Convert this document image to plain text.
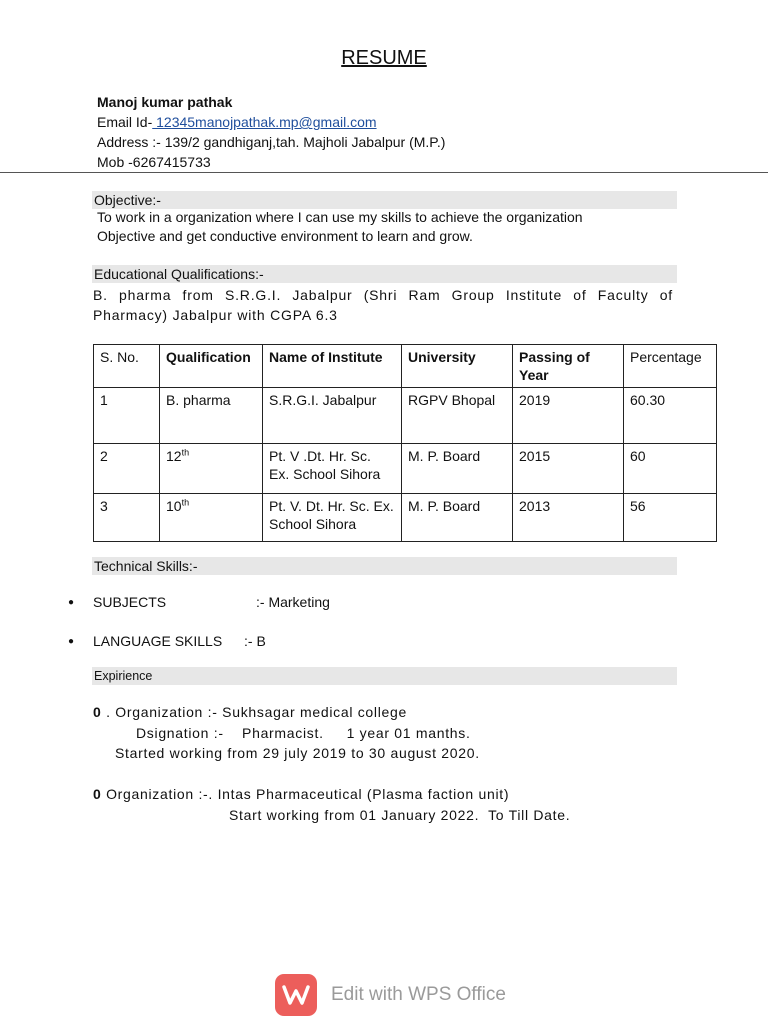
RESUME
Manoj kumar pathak
Email Id- 12345manojpathak.mp@gmail.com
Address :- 139/2 gandhiganj,tah. Majholi Jabalpur (M.P.)
Mob -6267415733
Objective:-
To work in a organization where I can use my skills to achieve the organization
Objective and get conductive environment to learn and grow.
Educational Qualifications:-
B. pharma from S.R.G.I. Jabalpur (Shri Ram Group Institute of Faculty of Pharmacy) Jabalpur with CGPA 6.3
S. No.	Qualification	Name of Institute	University	Passing of Year	Percentage
1	B. pharma	S.R.G.I. Jabalpur	RGPV Bhopal	2019	60.30
2	12th	Pt. V .Dt. Hr. Sc. Ex. School Sihora	M. P. Board	2015	60
3	10th	Pt. V. Dt. Hr. Sc. Ex. School Sihora	M. P. Board	2013	56
Technical Skills:-
● SUBJECTS	:- Marketing
● LANGUAGE SKILLS :- B
Expirience
0 . Organization :- Sukhsagar medical college
Dsignation :-    Pharmacist.     1 year 01 manths.
Started working from 29 july 2019 to 30 august 2020.
0 Organization :-. Intas Pharmaceutical (Plasma faction unit)
Start working from 01 January 2022.  To Till Date.
Edit with WPS Office
